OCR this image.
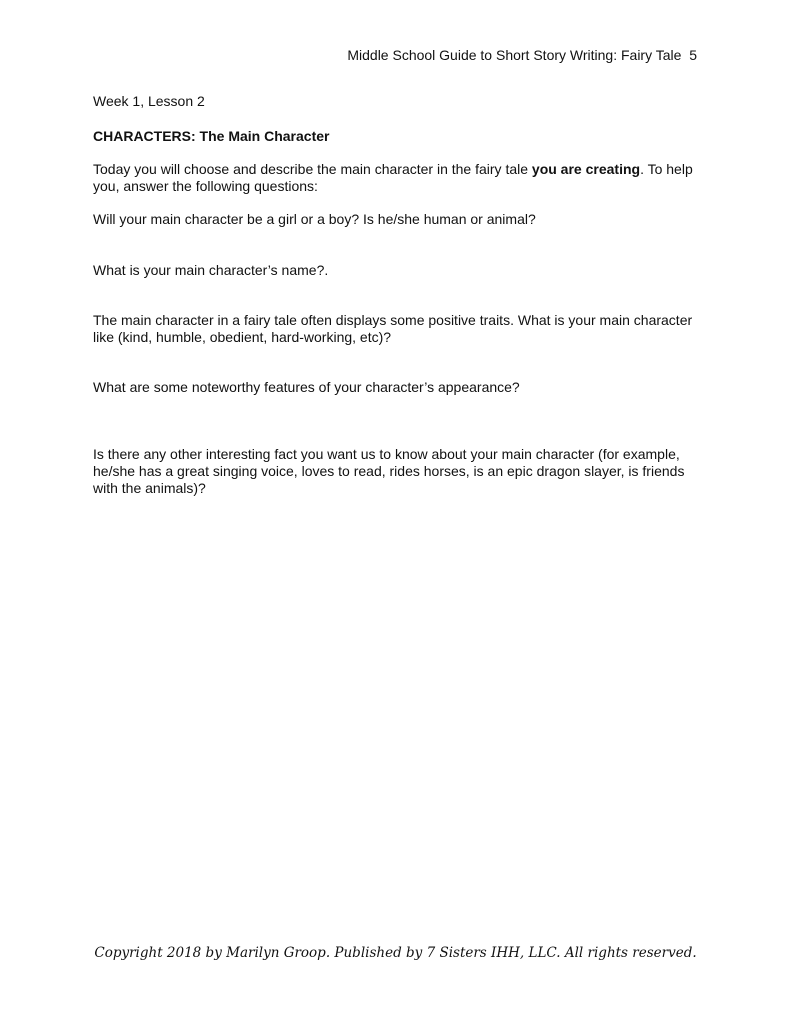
Middle School Guide to Short Story Writing: Fairy Tale 5

Week 1, Lesson 2

CHARACTERS: The Main Character

Today you will choose and describe the main character in the fairy tale you are creating. To help you, answer the following questions:

Will your main character be a girl or a boy? Is he/she human or animal?

What is your main character’s name?.

The main character in a fairy tale often displays some positive traits. What is your main character like (kind, humble, obedient, hard-working, etc)?

What are some noteworthy features of your character’s appearance?

Is there any other interesting fact you want us to know about your main character (for example, he/she has a great singing voice, loves to read, rides horses, is an epic dragon slayer, is friends with the animals)?

Copyright 2018 by Marilyn Groop. Published by 7 Sisters IHH, LLC. All rights reserved.
